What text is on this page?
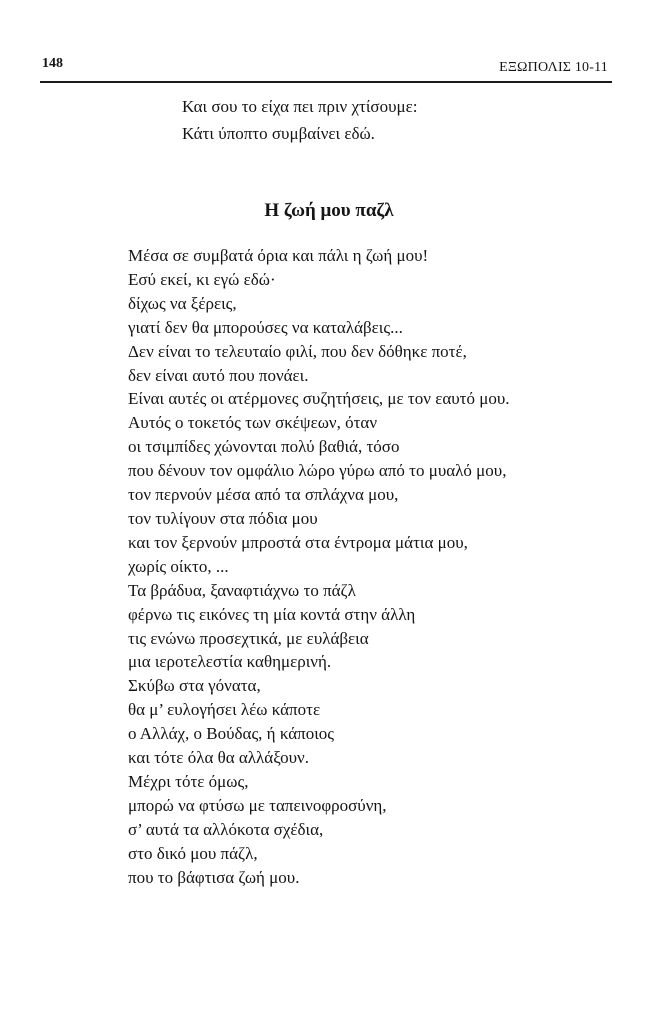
148	ΕΞΩΠΟΛΙΣ 10-11
Και σου το είχα πει πριν χτίσουμε:
Κάτι ύποπτο συμβαίνει εδώ.
Η ζωή μου παζλ
Μέσα σε συμβατά όρια και πάλι η ζωή μου!
Εσύ εκεί, κι εγώ εδώ·
δίχως να ξέρεις,
γιατί δεν θα μπορούσες να καταλάβεις...
Δεν είναι το τελευταίο φιλί, που δεν δόθηκε ποτέ,
δεν είναι αυτό που πονάει.
Είναι αυτές οι ατέρμονες συζητήσεις, με τον εαυτό μου.
Αυτός ο τοκετός των σκέψεων, όταν
οι τσιμπίδες χώνονται πολύ βαθιά, τόσο
που δένουν τον ομφάλιο λώρο γύρω από το μυαλό μου,
τον περνούν μέσα από τα σπλάχνα μου,
τον τυλίγουν στα πόδια μου
και τον ξερνούν μπροστά στα έντρομα μάτια μου,
χωρίς οίκτο, ...
Τα βράδυα, ξαναφτιάχνω το πάζλ
φέρνω τις εικόνες τη μία κοντά στην άλλη
τις ενώνω προσεχτικά, με ευλάβεια
μια ιεροτελεστία καθημερινή.
Σκύβω στα γόνατα,
θα μ’ ευλογήσει λέω κάποτε
ο Αλλάχ, ο Βούδας, ή κάποιος
και τότε όλα θα αλλάξουν.
Μέχρι τότε όμως,
μπορώ να φτύσω με ταπεινοφροσύνη,
σ’ αυτά τα αλλόκοτα σχέδια,
στο δικό μου πάζλ,
που το βάφτισα ζωή μου.
